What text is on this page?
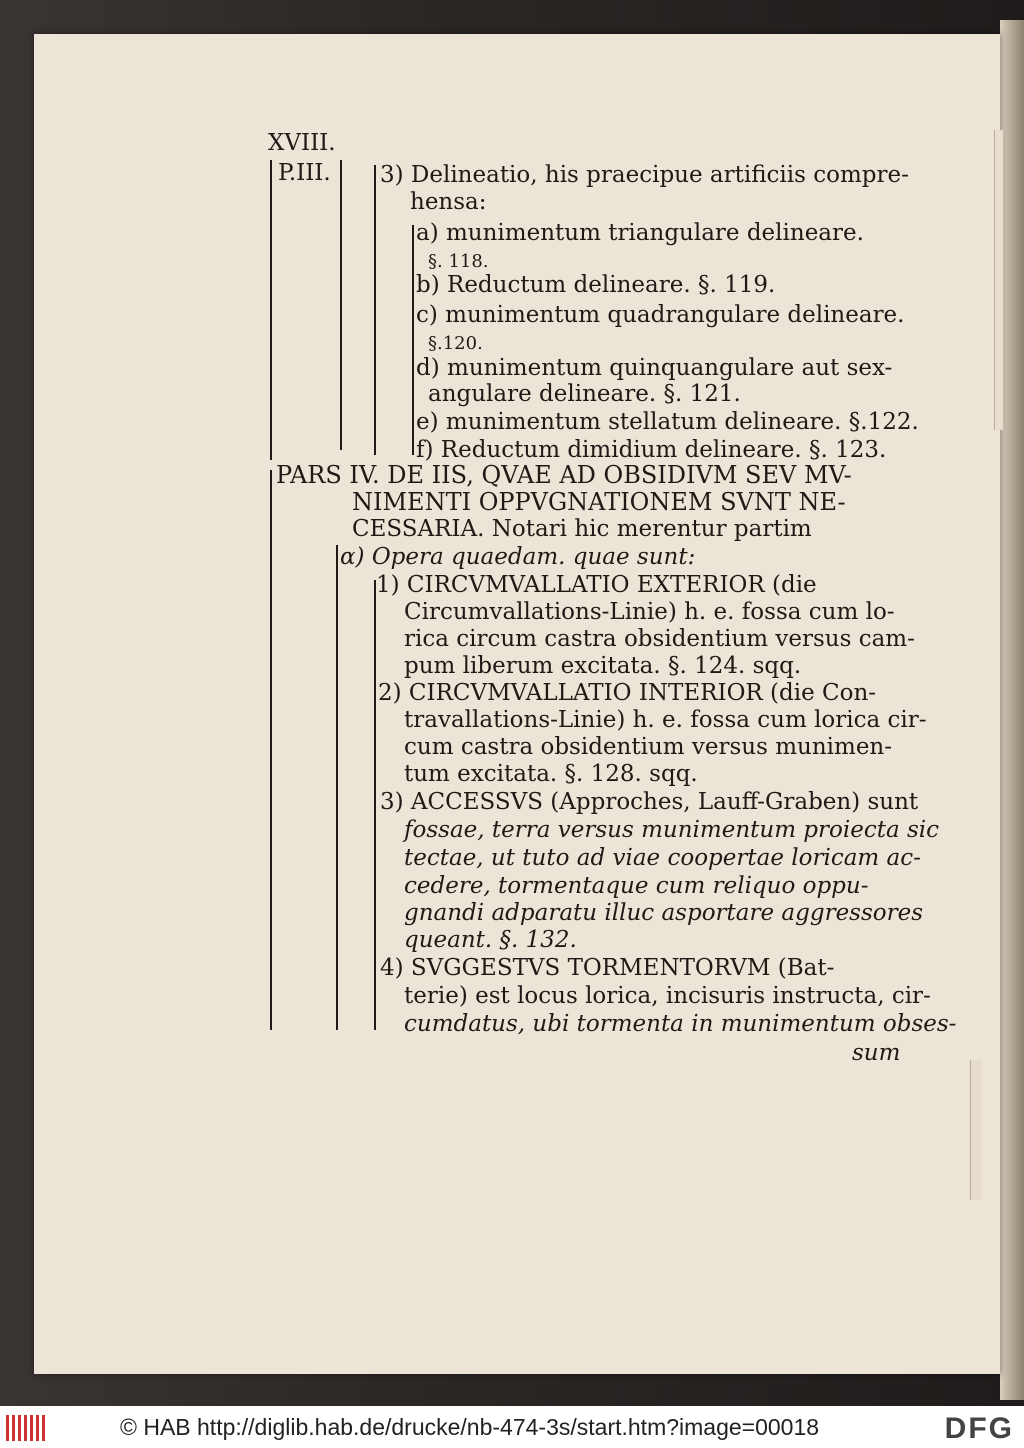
XVIII.
P.III. 3) Delineatio, his praecipue artificiis compre-
hensa:
a) munimentum triangulare delineare.
§. 118.
b) Reductum delineare. §. 119.
c) munimentum quadrangulare delineare.
§.120.
d) munimentum quinquangulare aut sex-
angulare delineare. §. 121.
e) munimentum stellatum delineare. §.122.
f) Reductum dimidium delineare. §. 123.
PARS IV. DE IIS, QVAE AD OBSIDIVM SEV MV-
NIMENTI OPPVGNATIONEM SVNT NE-
CESSARIA. Notari hic merentur partim
α) Opera quaedam. quae sunt:
1) CIRCVMVALLATIO EXTERIOR (die
Circumvallations-Linie) h. e. fossa cum lo-
rica circum castra obsidentium versus cam-
pum liberum excitata. §. 124. sqq.
2) CIRCVMVALLATIO INTERIOR (die Con-
travallations-Linie) h. e. fossa cum lorica cir-
cum castra obsidentium versus munimen-
tum excitata. §. 128. sqq.
3) ACCESSVS (Approches, Lauff-Graben) sunt
fossae, terra versus munimentum proiecta sic
tectae, ut tuto ad viae coopertae loricam ac-
cedere, tormentaque cum reliquo oppu-
gnandi adparatu illuc asportare aggressores
queant. §. 132.
4) SVGGESTVS TORMENTORVM (Bat-
terie) est locus lorica, incisuris instructa, cir-
cumdatus, ubi tormenta in munimentum obses-
sum
© HAB http://diglib.hab.de/drucke/nb-474-3s/start.htm?image=00018	DFG
